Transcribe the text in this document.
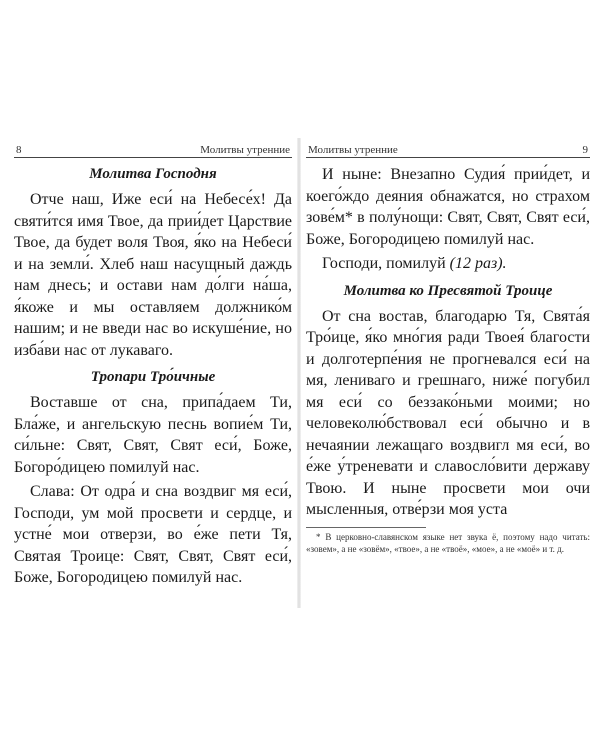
8	Молитвы утренние
Молитва Господня

Отче наш, Иже еси́ на Небесе́х! Да святи́тся имя Твое, да прии́дет Царствие Твое, да будет воля Твоя, я́ко на Небеси́ и на земли́. Хлеб наш насущный даждь нам днесь; и остави нам до́лги на́ша, я́коже и мы оставляем должнико́м нашим; и не введи нас во искуше́ние, но изба́ви нас от лукаваго.

Тропари Тро́ичные

Воставше от сна, припа́даем Ти, Бла́же, и ангельскую песнь вопие́м Ти, си́льне: Свят, Свят, Свят еси́, Боже, Богоро́дицею помилуй нас.

Слава: От одра́ и сна воздвиг мя еси́, Господи, ум мой просвети и сердце, и устне́ мои отверзи, во е́же пети Тя, Святая Троице: Свят, Свят, Свят еси́, Боже, Богородицею помилуй нас.

Молитвы утренние	9

И ныне: Внезапно Судия́ прии́дет, и коего́ждо деяния обнажатся, но страхом зове́м* в полу́нощи: Свят, Свят, Свят еси́, Боже, Богородицею помилуй нас.

Господи, помилуй (12 раз).

Молитва ко Пресвятой Троице

От сна востав, благодарю Тя, Свята́я Тро́ице, я́ко мно́гия ради Твоея́ благости и долготерпе́ния не прогневался еси́ на мя, лениваго и грешнаго, ниже́ погубил мя еси́ со беззако́ньми моими; но человеколю́бствовал еси́ обычно и в нечаянии лежащаго воздвигл мя еси́, во е́же у́треневати и славосло́вити державу Твою. И ныне просвети мои очи мысленныя, отве́рзи моя уста

* В церковно-славянском языке нет звука ё, поэтому надо читать: «зовем», а не «зовём», «твое», а не «твоё», «мое», а не «моё» и т. д.
